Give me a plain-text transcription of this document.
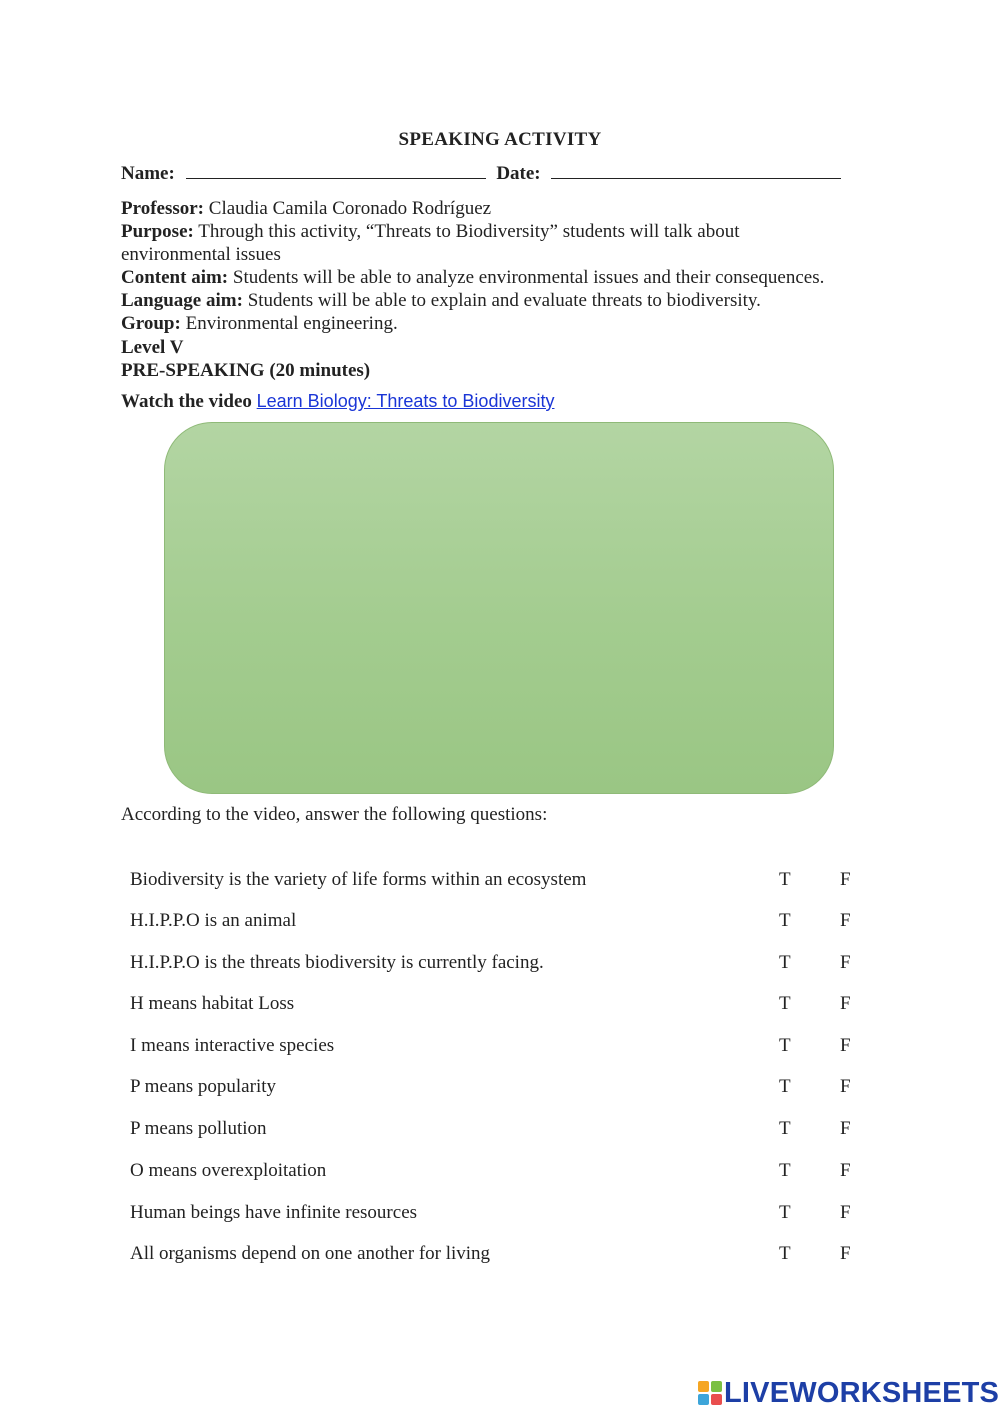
SPEAKING ACTIVITY
Name:	Date:
Professor: Claudia Camila Coronado Rodríguez
Purpose: Through this activity, “Threats to Biodiversity” students will talk about
environmental issues
Content aim: Students will be able to analyze environmental issues and their consequences.
Language aim: Students will be able to explain and evaluate threats to biodiversity.
Group: Environmental engineering.
Level V
PRE-SPEAKING (20 minutes)
Watch the video Learn Biology: Threats to Biodiversity
According to the video, answer the following questions:
Biodiversity is the variety of life forms within an ecosystem	T	F
H.I.P.P.O is an animal	T	F
H.I.P.P.O is the threats biodiversity is currently facing.	T	F
H means habitat Loss	T	F
I means interactive species	T	F
P means popularity	T	F
P means pollution	T	F
O means overexploitation	T	F
Human beings have infinite resources	T	F
All organisms depend on one another for living	T	F
LIVEWORKSHEETS
